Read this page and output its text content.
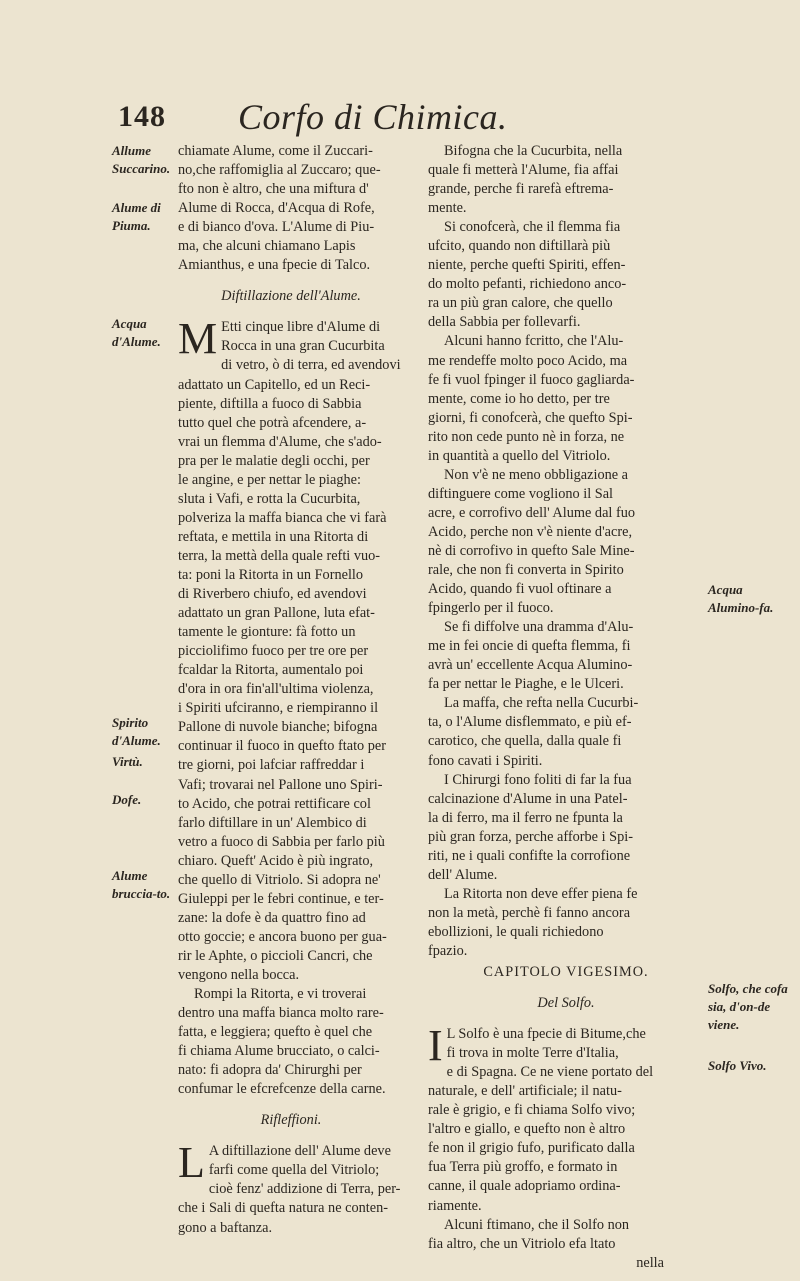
148 Corfo di Chimica.
Allume Succarino.
Alume di Piuma.
Acqua d'Alume.
Spirito d'Alume.
Virtù.
Dofe.
Alume bruccia-to.
Acqua Alumino-fa.
Solfo, che cofa sia, d'on-de viene.
Solfo Vivo.
chiamate Alume, come il Zuccari-
no,che raffomiglia al Zuccaro; que-
fto non è altro, che una miftura d'
Alume di Rocca, d'Acqua di Rofe,
e di bianco d'ova. L'Alume di Piu-
ma, che alcuni chiamano Lapis
Amianthus, e una fpecie di Talco.
Diftillazione dell'Alume.
M Etti cinque libre d'Alume di
Rocca in una gran Cucurbita
di vetro, ò di terra, ed avendovi
adattato un Capitello, ed un Reci-
piente, diftilla a fuoco di Sabbia
tutto quel che potrà afcendere, a-
vrai un flemma d'Alume, che s'ado-
pra per le malatie degli occhi, per
le angine, e per nettar le piaghe:
sluta i Vafi, e rotta la Cucurbita,
polveriza la maffa bianca che vi farà
reftata, e mettila in una Ritorta di
terra, la mettà della quale refti vuo-
ta: poni la Ritorta in un Fornello
di Riverbero chiufo, ed avendovi
adattato un gran Pallone, luta efat-
tamente le gionture: fà fotto un
picciolifimo fuoco per tre ore per
fcaldar la Ritorta, aumentalo poi
d'ora in ora fin'all'ultima violenza,
i Spiriti ufciranno, e riempiranno il
Pallone di nuvole bianche; bifogna
continuar il fuoco in quefto ftato per
tre giorni, poi lafciar raffreddar i
Vafi; trovarai nel Pallone uno Spiri-
to Acido, che potrai rettificare col
farlo diftillare in un' Alembico di
vetro a fuoco di Sabbia per farlo più
chiaro. Queft' Acido è più ingrato,
che quello di Vitriolo. Si adopra ne'
Giuleppi per le febri continue, e ter-
zane: la dofe è da quattro fino ad
otto goccie; e ancora buono per gua-
rir le Aphte, o piccioli Cancri, che
vengono nella bocca.
Rompi la Ritorta, e vi troverai
dentro una maffa bianca molto rare-
fatta, e leggiera; quefto è quel che
fi chiama Alume brucciato, o calci-
nato: fi adopra da' Chirurghi per
confumar le efcrefcenze della carne.
Rifleffioni.
L A diftillazione dell' Alume deve
farfi come quella del Vitriolo;
cioè fenz' addizione di Terra, per-
che i Sali di quefta natura ne conten-
gono a baftanza.
Bifogna che la Cucurbita, nella
quale fi metterà l'Alume, fia affai
grande, perche fi rarefà eftrema-
mente.
Si conofcerà, che il flemma fia
ufcito, quando non diftillarà più
niente, perche quefti Spiriti, effen-
do molto pefanti, richiedono anco-
ra un più gran calore, che quello
della Sabbia per follevarfi.
Alcuni hanno fcritto, che l'Alu-
me rendeffe molto poco Acido, ma
fe fi vuol fpinger il fuoco gagliarda-
mente, come io ho detto, per tre
giorni, fi conofcerà, che quefto Spi-
rito non cede punto nè in forza, ne
in quantità a quello del Vitriolo.
Non v'è ne meno obbligazione a
diftinguere come vogliono il Sal
acre, e corrofivo dell' Alume dal fuo
Acido, perche non v'è niente d'acre,
nè di corrofivo in quefto Sale Mine-
rale, che non fi converta in Spirito
Acido, quando fi vuol oftinare a
fpingerlo per il fuoco.
Se fi diffolve una dramma d'Alu-
me in fei oncie di quefta flemma, fi
avrà un' eccellente Acqua Alumino-
fa per nettar le Piaghe, e le Ulceri.
La maffa, che refta nella Cucurbi-
ta, o l'Alume disflemmato, e più ef-
carotico, che quella, dalla quale fi
fono cavati i Spiriti.
I Chirurgi fono foliti di far la fua
calcinazione d'Alume in una Patel-
la di ferro, ma il ferro ne fpunta la
più gran forza, perche afforbe i Spi-
riti, ne i quali confifte la corrofione
dell' Alume.
La Ritorta non deve effer piena fe
non la metà, perchè fi fanno ancora
ebollizioni, le quali richiedono
fpazio.
CAPITOLO VIGESIMO.
Del Solfo.
I L Solfo è una fpecie di Bitume,che
fi trova in molte Terre d'Italia,
e di Spagna. Ce ne viene portato del
naturale, e dell' artificiale; il natu-
rale è grigio, e fi chiama Solfo vivo;
l'altro e giallo, e quefto non è altro
fe non il grigio fufo, purificato dalla
fua Terra più groffo, e formato in
canne, il quale adopriamo ordina-
riamente.
Alcuni ftimano, che il Solfo non
fia altro, che un Vitriolo efa ltato
nella
